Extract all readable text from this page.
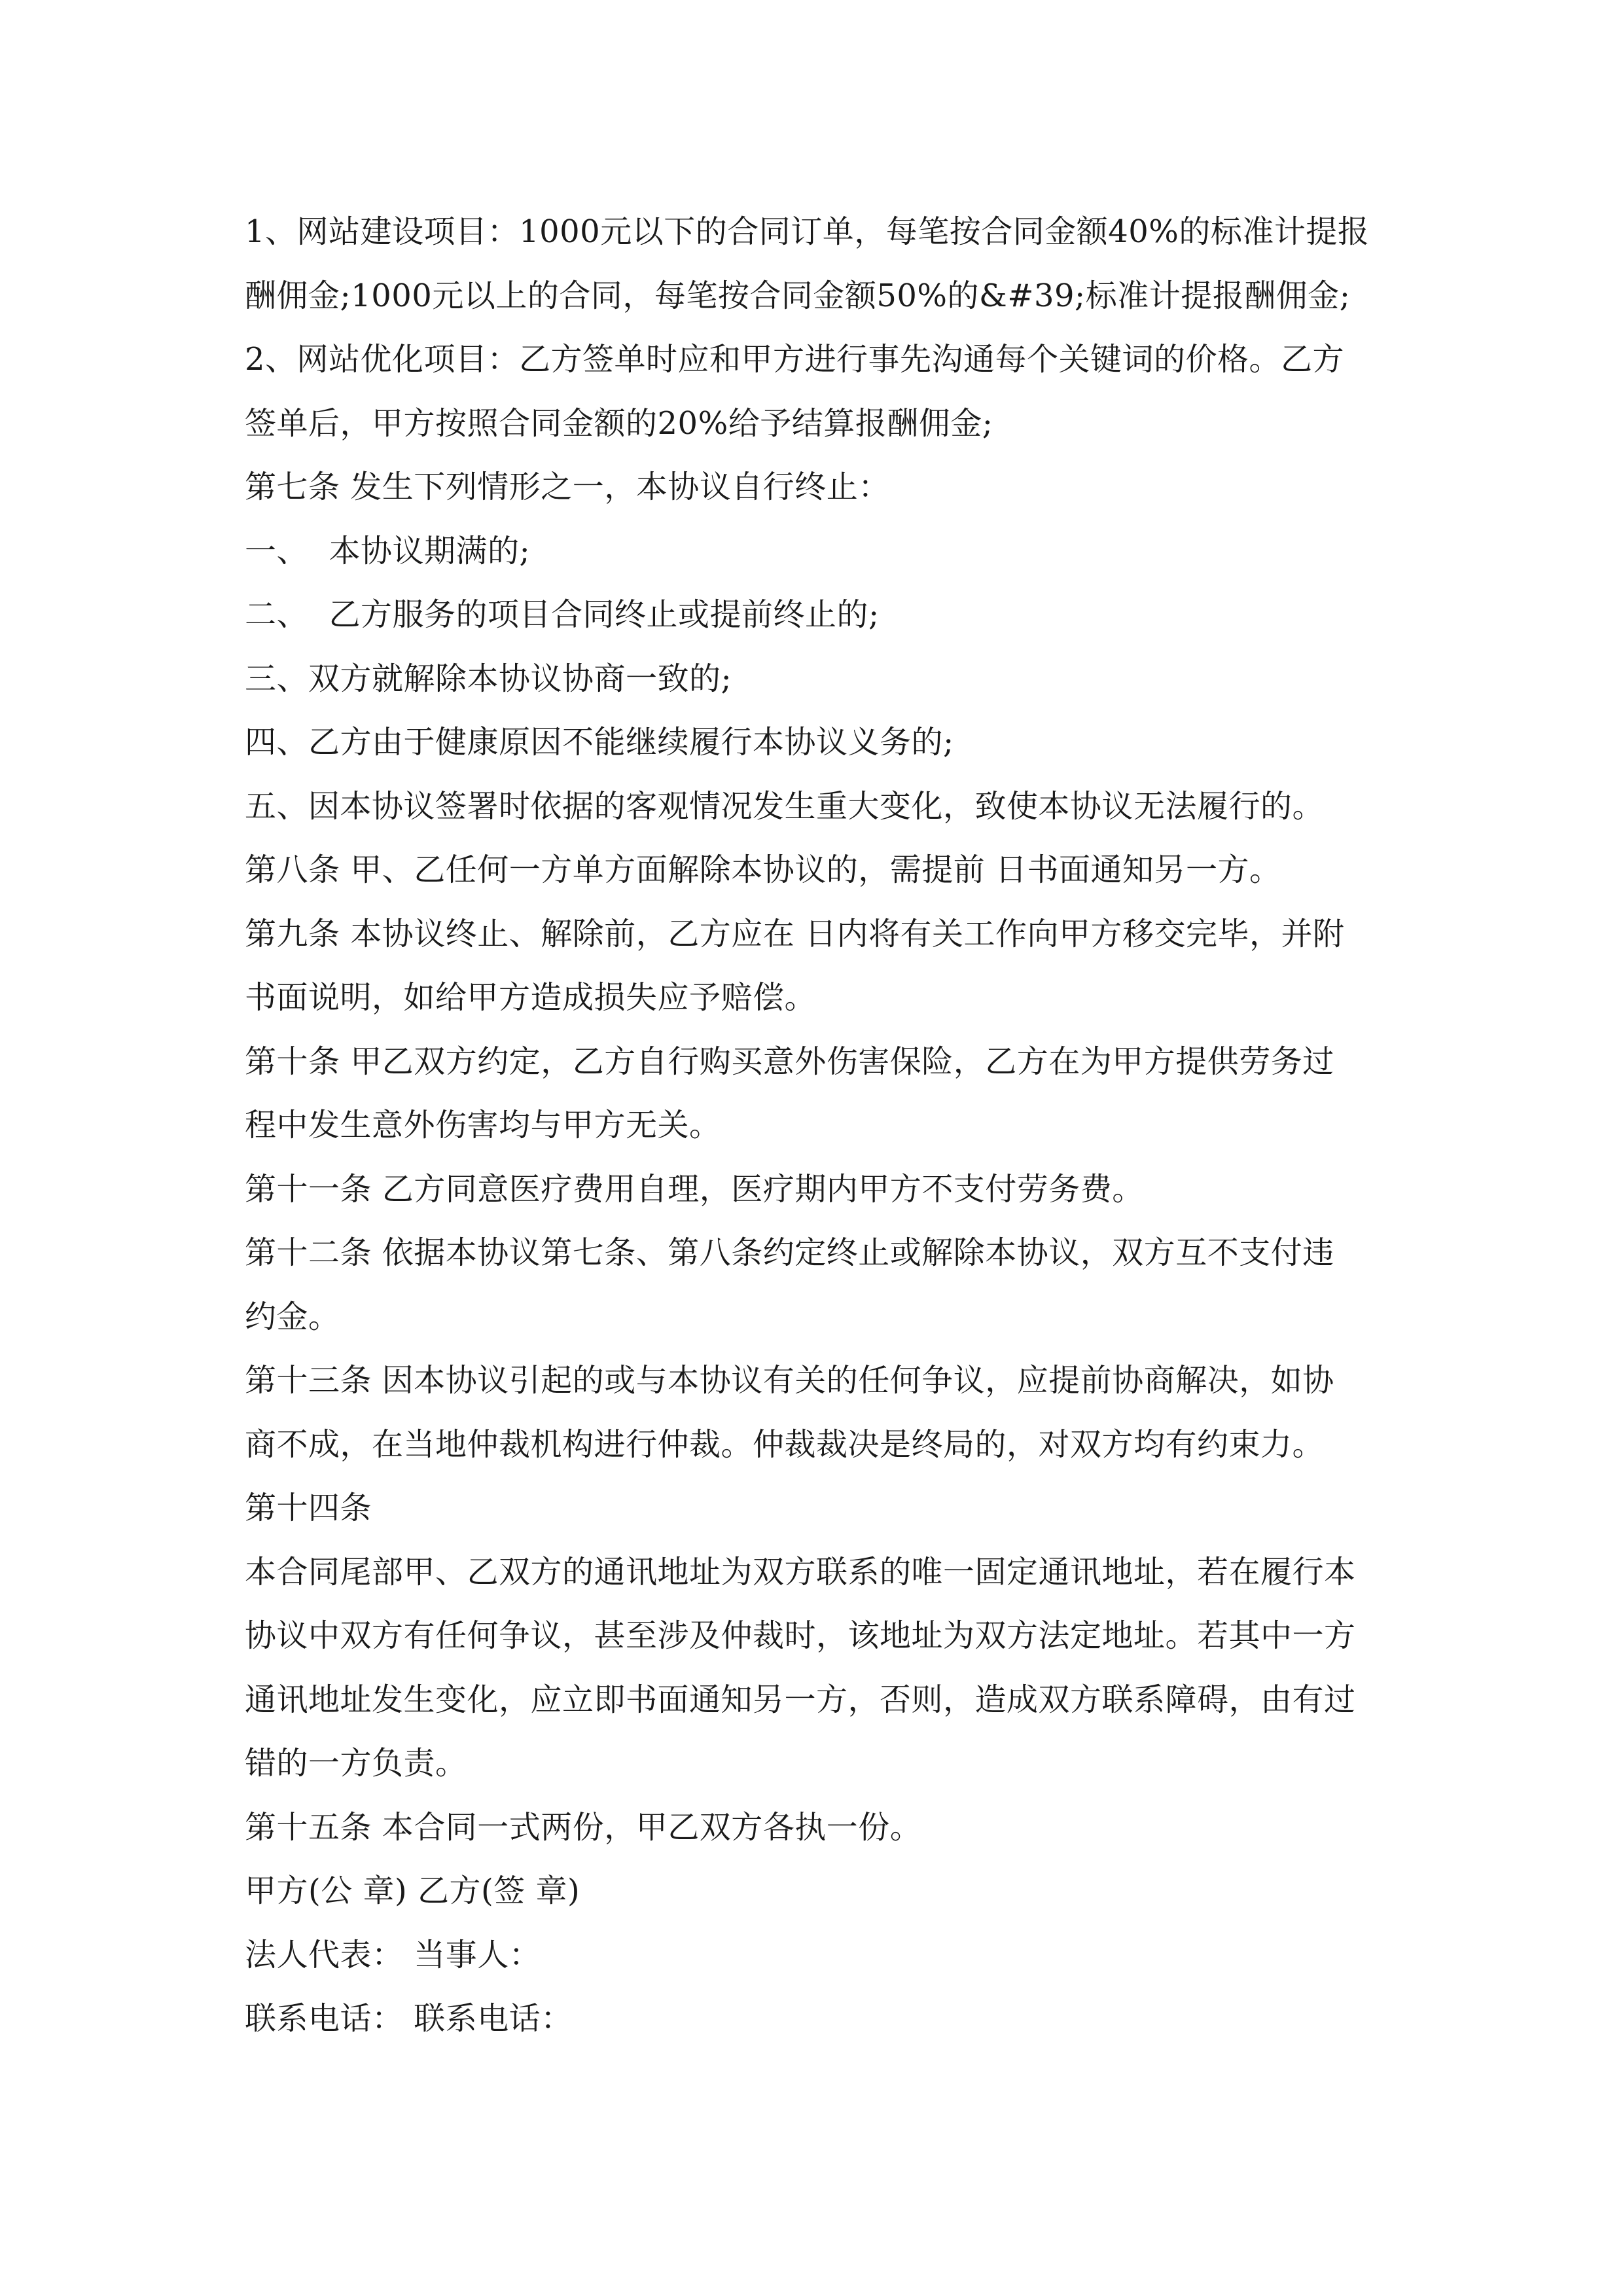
1、网站建设项目：1000元以下的合同订单，每笔按合同金额40%的标准计提报
酬佣金;1000元以上的合同，每笔按合同金额50%的&#39;标准计提报酬佣金;
2、网站优化项目：乙方签单时应和甲方进行事先沟通每个关键词的价格。乙方
签单后，甲方按照合同金额的20%给予结算报酬佣金;
第七条 发生下列情形之一，本协议自行终止：
一、  本协议期满的;
二、  乙方服务的项目合同终止或提前终止的;
三、双方就解除本协议协商一致的;
四、乙方由于健康原因不能继续履行本协议义务的;
五、因本协议签署时依据的客观情况发生重大变化，致使本协议无法履行的。
第八条 甲、乙任何一方单方面解除本协议的，需提前 日书面通知另一方。
第九条 本协议终止、解除前，乙方应在 日内将有关工作向甲方移交完毕，并附
书面说明，如给甲方造成损失应予赔偿。
第十条 甲乙双方约定，乙方自行购买意外伤害保险，乙方在为甲方提供劳务过
程中发生意外伤害均与甲方无关。
第十一条 乙方同意医疗费用自理，医疗期内甲方不支付劳务费。
第十二条 依据本协议第七条、第八条约定终止或解除本协议，双方互不支付违
约金。
第十三条 因本协议引起的或与本协议有关的任何争议，应提前协商解决，如协
商不成，在当地仲裁机构进行仲裁。仲裁裁决是终局的，对双方均有约束力。
第十四条
本合同尾部甲、乙双方的通讯地址为双方联系的唯一固定通讯地址，若在履行本
协议中双方有任何争议，甚至涉及仲裁时，该地址为双方法定地址。若其中一方
通讯地址发生变化，应立即书面通知另一方，否则，造成双方联系障碍，由有过
错的一方负责。
第十五条 本合同一式两份，甲乙双方各执一份。
甲方(公 章) 乙方(签 章)
法人代表： 当事人：
联系电话： 联系电话：
